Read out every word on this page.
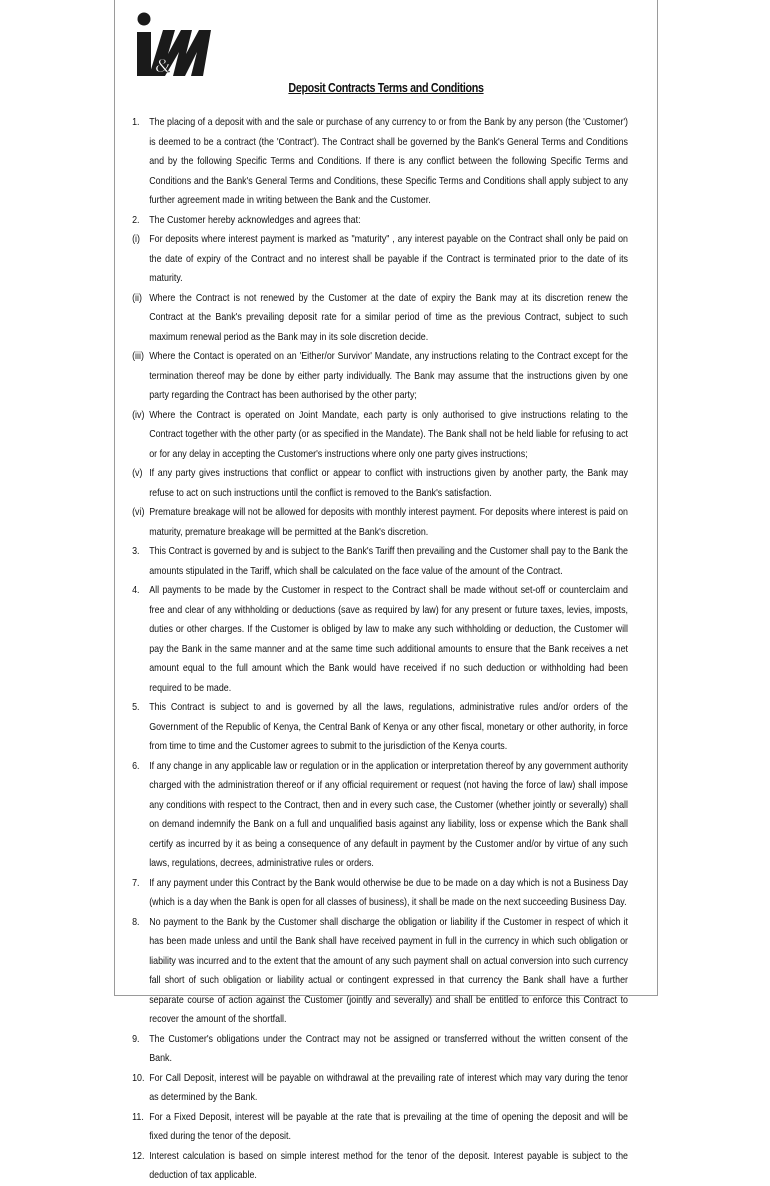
&
Deposit Contracts Terms and Conditions
1. The placing of a deposit with and the sale or purchase of any currency to or from the Bank by any person (the 'Customer') is deemed to be a contract (the 'Contract'). The Contract shall be governed by the Bank's General Terms and Conditions and by the following Specific Terms and Conditions. If there is any conflict between the following Specific Terms and Conditions and the Bank's General Terms and Conditions, these Specific Terms and Conditions shall apply subject to any further agreement made in writing between the Bank and the Customer.
2. The Customer hereby acknowledges and agrees that:
(i) For deposits where interest payment is marked as "maturity" , any interest payable on the Contract shall only be paid on the date of expiry of the Contract and no interest shall be payable if the Contract is terminated prior to the date of its maturity.
(ii) Where the Contract is not renewed by the Customer at the date of expiry the Bank may at its discretion renew the Contract at the Bank's prevailing deposit rate for a similar period of time as the previous Contract, subject to such maximum renewal period as the Bank may in its sole discretion decide.
(iii) Where the Contact is operated on an 'Either/or Survivor' Mandate, any instructions relating to the Contract except for the termination thereof may be done by either party individually. The Bank may assume that the instructions given by one party regarding the Contract has been authorised by the other party;
(iv) Where the Contract is operated on Joint Mandate, each party is only authorised to give instructions relating to the Contract together with the other party (or as specified in the Mandate). The Bank shall not be held liable for refusing to act or for any delay in accepting the Customer's instructions where only one party gives instructions;
(v) If any party gives instructions that conflict or appear to conflict with instructions given by another party, the Bank may refuse to act on such instructions until the conflict is removed to the Bank's satisfaction.
(vi) Premature breakage will not be allowed for deposits with monthly interest payment. For deposits where interest is paid on maturity, premature breakage will be permitted at the Bank's discretion.
3. This Contract is governed by and is subject to the Bank's Tariff then prevailing and the Customer shall pay to the Bank the amounts stipulated in the Tariff, which shall be calculated on the face value of the amount of the Contract.
4. All payments to be made by the Customer in respect to the Contract shall be made without set-off or counterclaim and free and clear of any withholding or deductions (save as required by law) for any present or future taxes, levies, imposts, duties or other charges. If the Customer is obliged by law to make any such withholding or deduction, the Customer will pay the Bank in the same manner and at the same time such additional amounts to ensure that the Bank receives a net amount equal to the full amount which the Bank would have received if no such deduction or withholding had been required to be made.
5. This Contract is subject to and is governed by all the laws, regulations, administrative rules and/or orders of the Government of the Republic of Kenya, the Central Bank of Kenya or any other fiscal, monetary or other authority, in force from time to time and the Customer agrees to submit to the jurisdiction of the Kenya courts.
6. If any change in any applicable law or regulation or in the application or interpretation thereof by any government authority charged with the administration thereof or if any official requirement or request (not having the force of law) shall impose any conditions with respect to the Contract, then and in every such case, the Customer (whether jointly or severally) shall on demand indemnify the Bank on a full and unqualified basis against any liability, loss or expense which the Bank shall certify as incurred by it as being a consequence of any default in payment by the Customer and/or by virtue of any such laws, regulations, decrees, administrative rules or orders.
7. If any payment under this Contract by the Bank would otherwise be due to be made on a day which is not a Business Day (which is a day when the Bank is open for all classes of business), it shall be made on the next succeeding Business Day.
8. No payment to the Bank by the Customer shall discharge the obligation or liability if the Customer in respect of which it has been made unless and until the Bank shall have received payment in full in the currency in which such obligation or liability was incurred and to the extent that the amount of any such payment shall on actual conversion into such currency fall short of such obligation or liability actual or contingent expressed in that currency the Bank shall have a further separate course of action against the Customer (jointly and severally) and shall be entitled to enforce this Contract to recover the amount of the shortfall.
9. The Customer's obligations under the Contract may not be assigned or transferred without the written consent of the Bank.
10. For Call Deposit, interest will be payable on withdrawal at the prevailing rate of interest which may vary during the tenor as determined by the Bank.
11. For a Fixed Deposit, interest will be payable at the rate that is prevailing at the time of opening the deposit and will be fixed during the tenor of the deposit.
12. Interest calculation is based on simple interest method for the tenor of the deposit. Interest payable is subject to the deduction of tax applicable.
